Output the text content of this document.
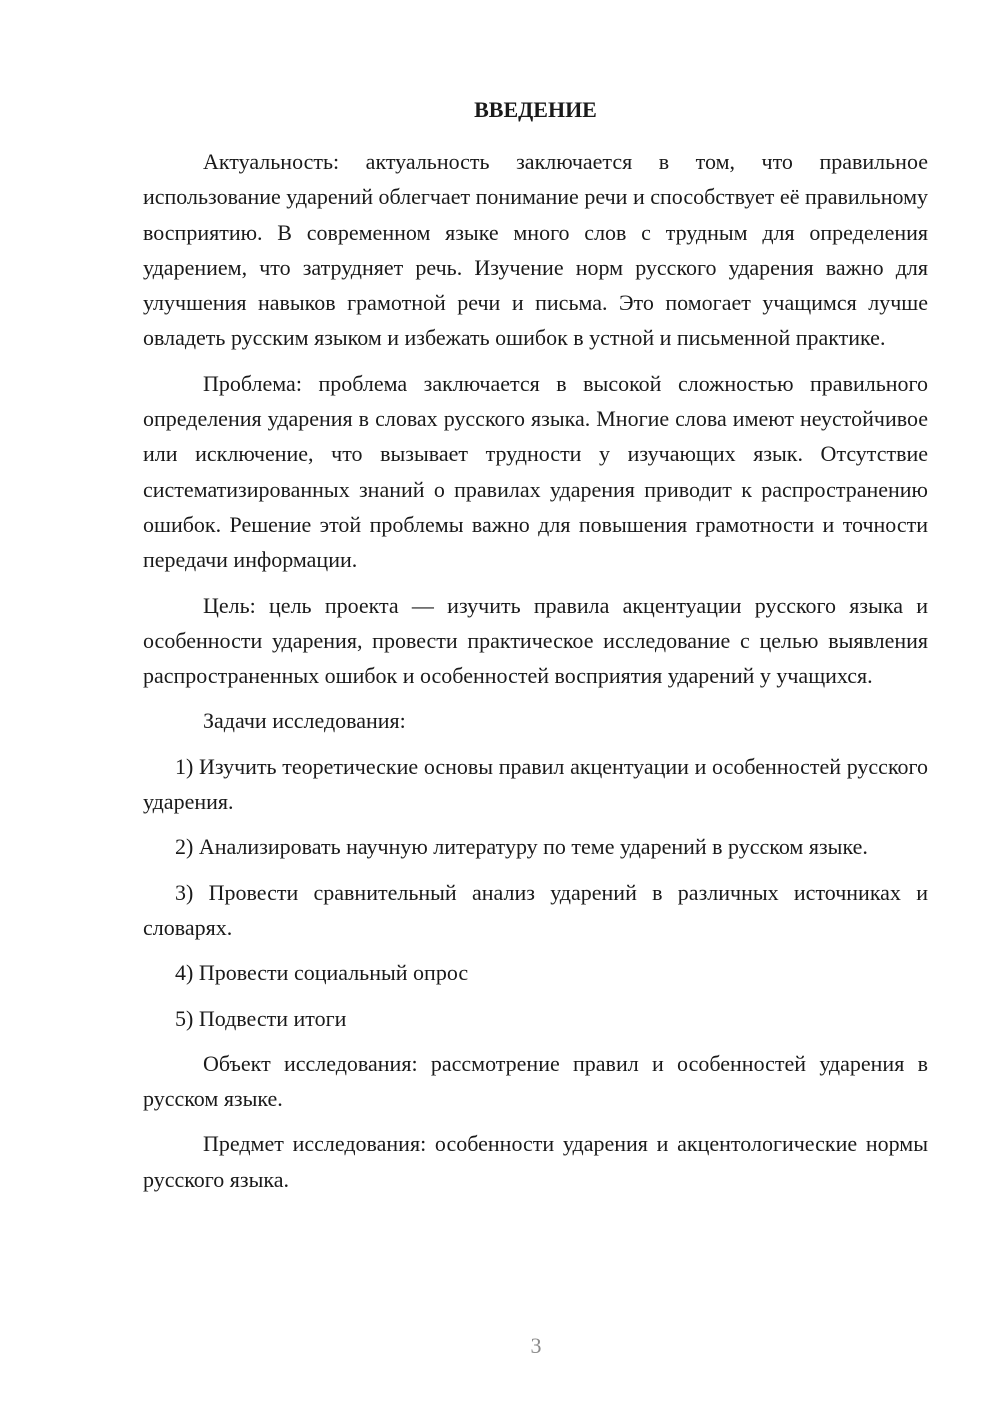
ВВЕДЕНИЕ

Актуальность: актуальность заключается в том, что правильное использование ударений облегчает понимание речи и способствует её правильному восприятию. В современном языке много слов с трудным для определения ударением, что затрудняет речь. Изучение норм русского ударения важно для улучшения навыков грамотной речи и письма. Это помогает учащимся лучше овладеть русским языком и избежать ошибок в устной и письменной практике.

Проблема: проблема заключается в высокой сложностью правильного определения ударения в словах русского языка. Многие слова имеют неустойчивое или исключение, что вызывает трудности у изучающих язык. Отсутствие систематизированных знаний о правилах ударения приводит к распространению ошибок. Решение этой проблемы важно для повышения грамотности и точности передачи информации.

Цель: цель проекта — изучить правила акцентуации русского языка и особенности ударения, провести практическое исследование с целью выявления распространенных ошибок и особенностей восприятия ударений у учащихся.

Задачи исследования:

1) Изучить теоретические основы правил акцентуации и особенностей русского ударения.

2) Анализировать научную литературу по теме ударений в русском языке.

3) Провести сравнительный анализ ударений в различных источниках и словарях.

4) Провести социальный опрос

5) Подвести итоги

Объект исследования: рассмотрение правил и особенностей ударения в русском языке.

Предмет исследования: особенности ударения и акцентологические нормы русского языка.

3
